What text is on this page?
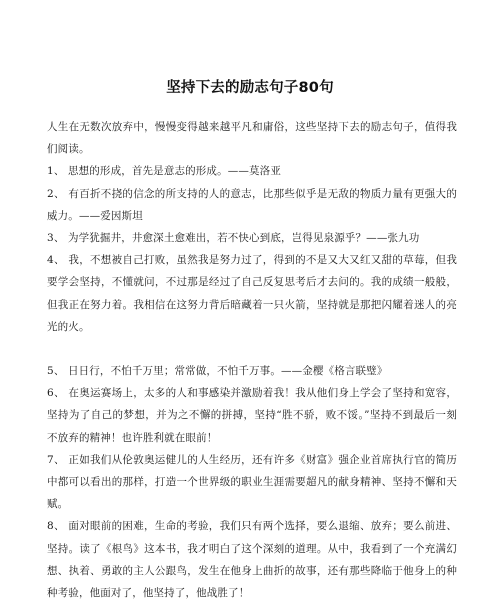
坚持下去的励志句子80句

人生在无数次放弃中，慢慢变得越来越平凡和庸俗，这些坚持下去的励志句子，值得我们阅读。

1、 思想的形成，首先是意志的形成。——莫洛亚

2、 有百折不挠的信念的所支持的人的意志，比那些似乎是无敌的物质力量有更强大的威力。——爱因斯坦

3、 为学犹掘井，井愈深土愈难出，若不快心到底，岂得见泉源乎？——张九功

4、 我，不想被自己打败，虽然我是努力过了，得到的不是又大又红又甜的草莓，但我要学会坚持，不懂就问，不过那是经过了自己反复思考后才去问的。我的成绩一般般，但我正在努力着。我相信在这努力背后暗藏着一只火箭，坚持就是那把闪耀着迷人的亮光的火。

5、 日日行，不怕千万里；常常做，不怕千万事。——金樱《格言联璧》

6、 在奥运赛场上，太多的人和事感染并激励着我！我从他们身上学会了坚持和宽容，坚持为了自己的梦想，并为之不懈的拼搏，坚持“胜不骄，败不馁。”坚持不到最后一刻不放弃的精神！也许胜利就在眼前！

7、 正如我们从伦敦奥运健儿的人生经历，还有许多《财富》强企业首席执行官的简历中都可以看出的那样，打造一个世界级的职业生涯需要超凡的献身精神、坚持不懈和天赋。

8、 面对眼前的困难，生命的考验，我们只有两个选择，要么退缩、放弃；要么前进、坚持。读了《根鸟》这本书，我才明白了这个深刻的道理。从中，我看到了一个充满幻想、执着、勇敢的主人公跟鸟，发生在他身上曲折的故事，还有那些降临于他身上的种种考验，他面对了，他坚持了，他战胜了！
